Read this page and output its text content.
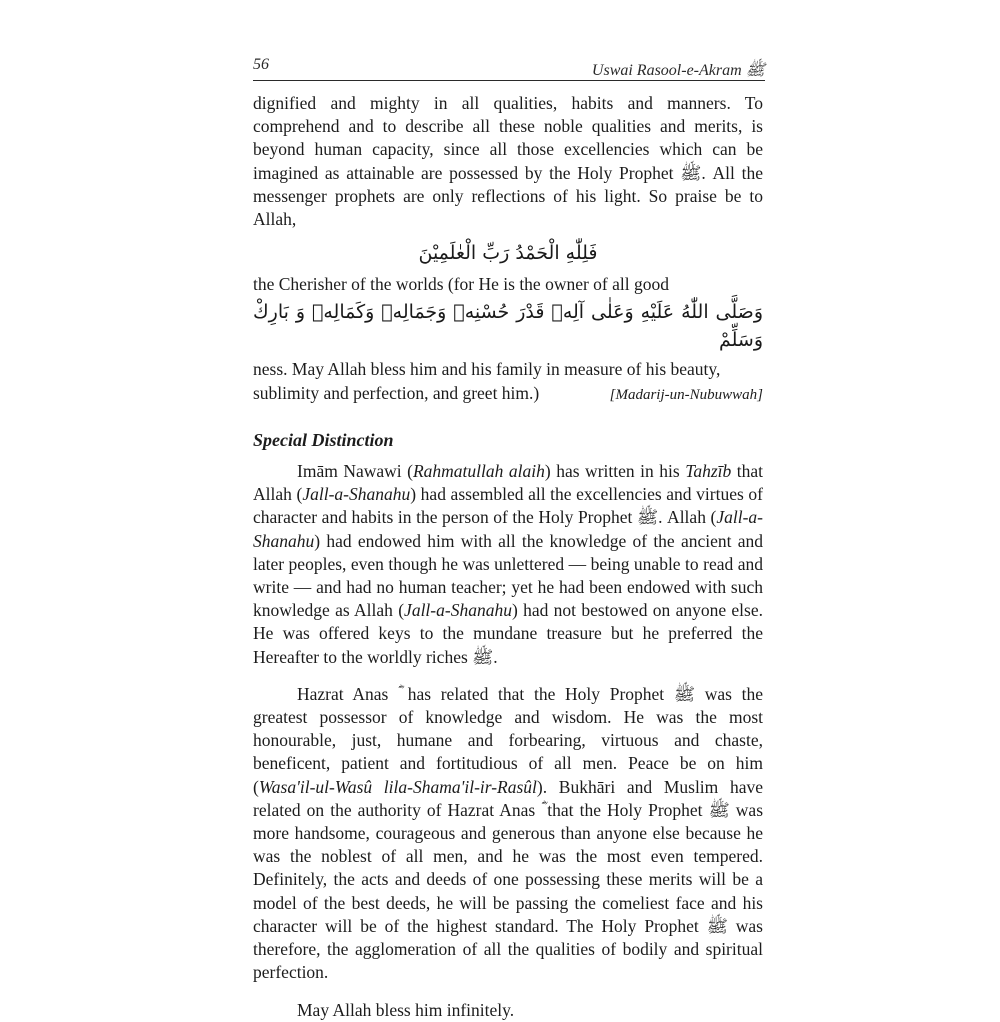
56	Uswai Rasool-e-Akram ﷺ

dignified and mighty in all qualities, habits and manners. To comprehend and to describe all these noble qualities and merits, is beyond human capacity, since all those excellencies which can be imagined as attainable are possessed by the Holy Prophet ﷺ. All the messenger prophets are only reflections of his light. So praise be to Allah,

فَلِلّٰهِ الْحَمْدُ رَبِّ الْعٰلَمِيْنَ

the Cherisher of the worlds (for He is the owner of all good

وَصَلَّى اللّٰهُ عَلَيْهِ وَعَلٰى آلِهٖ قَدْرَ حُسْنِهٖ وَجَمَالِهٖ وَكَمَالِهٖ وَ بَارِكْ وَسَلِّمْ

ness. May Allah bless him and his family in measure of his beauty,

sublimity and perfection, and greet him.)	[Madarij-un-Nubuwwah]
Special Distinction

Imām Nawawi (Rahmatullah alaih) has written in his Tahzīb that Allah (Jall-a-Shanahu) had assembled all the excellencies and virtues of character and habits in the person of the Holy Prophet ﷺ. Allah (Jall-a-Shanahu) had endowed him with all the knowledge of the ancient and later peoples, even though he was unlettered — being unable to read and write — and had no human teacher; yet he had been endowed with such knowledge as Allah (Jall-a-Shanahu) had not bestowed on anyone else. He was offered keys to the mundane treasure but he preferred the Hereafter to the worldly riches ﷺ.

Hazrat Anas ؓ has related that the Holy Prophet ﷺ was the greatest possessor of knowledge and wisdom. He was the most honourable, just, humane and forbearing, virtuous and chaste, beneficent, patient and fortitudious of all men. Peace be on him (Wasa'il-ul-Wasû lila-Shama'il-ir-Rasûl). Bukhāri and Muslim have related on the authority of Hazrat Anas ؓ that the Holy Prophet ﷺ was more handsome, courageous and generous than anyone else because he was the noblest of all men, and he was the most even tempered. Definitely, the acts and deeds of one possessing these merits will be a model of the best deeds, he will be passing the comeliest face and his character will be of the highest standard. The Holy Prophet ﷺ was therefore, the agglomeration of all the qualities of bodily and spiritual perfection.

May Allah bless him infinitely.
